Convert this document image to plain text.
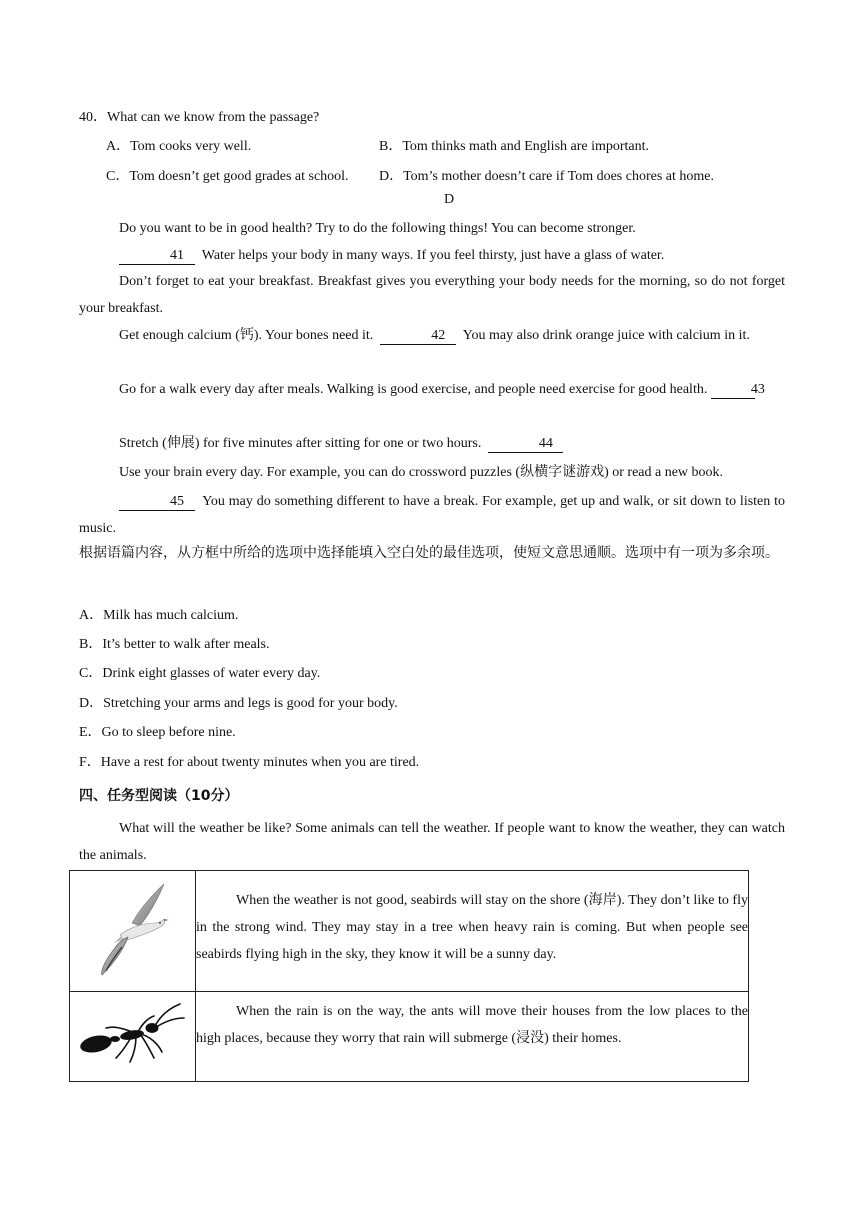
40．What can we know from the passage?
A．Tom cooks very well.	B．Tom thinks math and English are important.
C．Tom doesn’t get good grades at school. D．Tom’s mother doesn’t care if Tom does chores at home.
D
Do you want to be in good health? Try to do the following things! You can become stronger.
41 Water helps your body in many ways. If you feel thirsty, just have a glass of water.
Don’t forget to eat your breakfast. Breakfast gives you everything your body needs for the morning, so do not forget your breakfast.
Get enough calcium (钙). Your bones need it.	42 You may also drink orange juice with calcium in it.
Go for a walk every day after meals. Walking is good exercise, and people need exercise for good health.	43
Stretch (伸展) for five minutes after sitting for one or two hours.	44
Use your brain every day. For example, you can do crossword puzzles (纵横字谜游戏) or read a new book.
45 You may do something different to have a break. For example, get up and walk, or sit down to listen to music.
根据语篇内容，从方框中所给的选项中选择能填入空白处的最佳选项，使短文意思通顺。选项中有一项为多余项。
A．Milk has much calcium.
B．It’s better to walk after meals.
C．Drink eight glasses of water every day.
D．Stretching your arms and legs is good for your body.
E．Go to sleep before nine.
F．Have a rest for about twenty minutes when you are tired.
四、任务型阅读（10分）
What will the weather be like? Some animals can tell the weather. If people want to know the weather, they can watch the animals.

When the weather is not good, seabirds will stay on the shore (海岸). They don’t like to fly in the strong wind. They may stay in a tree when heavy rain is coming. But when people see seabirds flying high in the sky, they know it will be a sunny day.

When the rain is on the way, the ants will move their houses from the low places to the high places, because they worry that rain will submerge (浸没) their homes.
